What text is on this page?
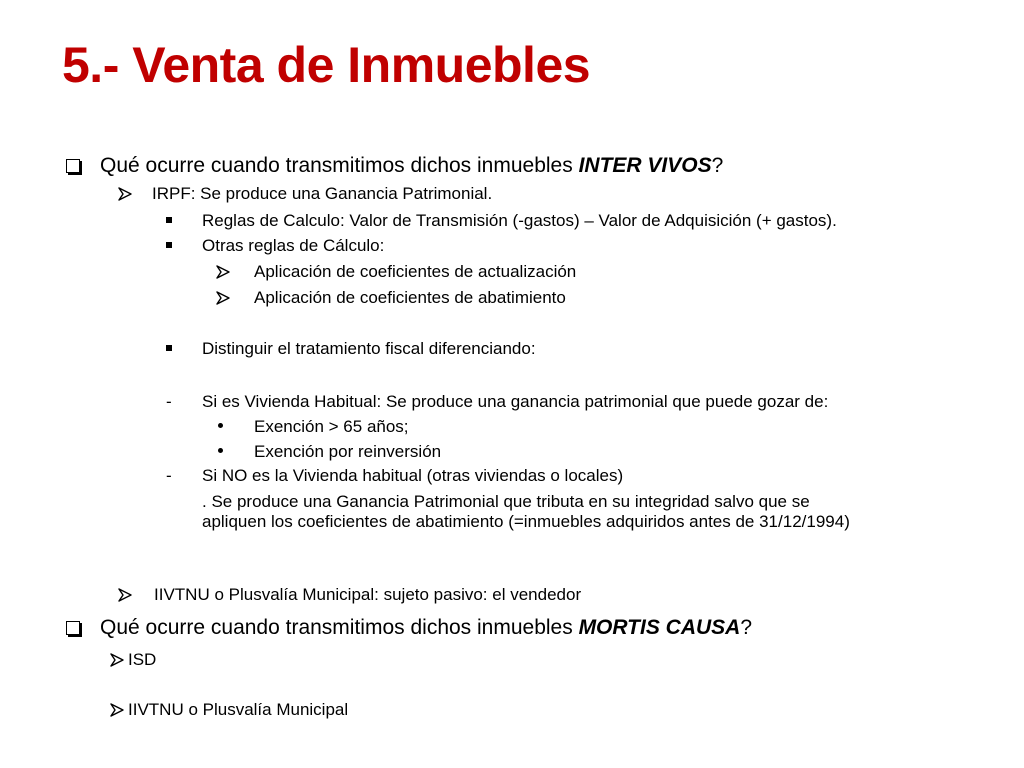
5.- Venta de Inmuebles
Qué ocurre cuando transmitimos dichos inmuebles INTER VIVOS?
IRPF: Se produce una Ganancia Patrimonial.
Reglas de Calculo: Valor de Transmisión (-gastos) – Valor de Adquisición (+ gastos).
Otras reglas de Cálculo:
Aplicación de coeficientes de actualización
Aplicación de coeficientes de abatimiento
Distinguir el tratamiento fiscal diferenciando:
- Si es Vivienda Habitual: Se produce una ganancia patrimonial que puede gozar de:
Exención > 65 años;
Exención por reinversión
- Si NO es la Vivienda habitual (otras viviendas o locales)
. Se produce una Ganancia Patrimonial que tributa en su integridad salvo que se
apliquen los coeficientes de abatimiento (=inmuebles adquiridos antes de 31/12/1994)
IIVTNU o Plusvalía Municipal: sujeto pasivo: el vendedor
Qué ocurre cuando transmitimos dichos inmuebles MORTIS CAUSA?
ISD
IIVTNU o Plusvalía Municipal
